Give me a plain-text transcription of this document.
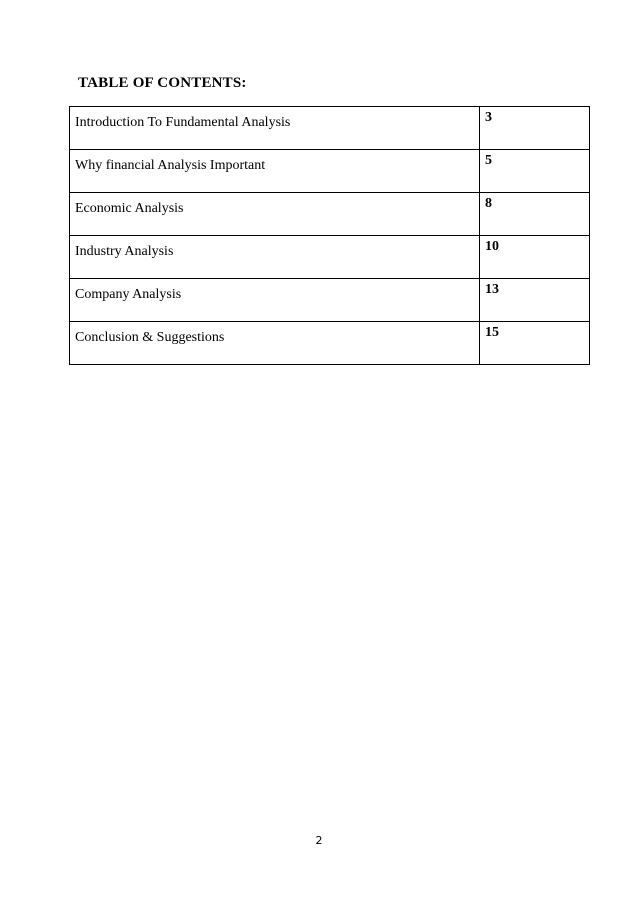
TABLE OF CONTENTS:
Introduction To Fundamental Analysis	3

Why financial Analysis Important	5

Economic Analysis	8

Industry Analysis	10

Company Analysis	13

Conclusion & Suggestions	15
2
